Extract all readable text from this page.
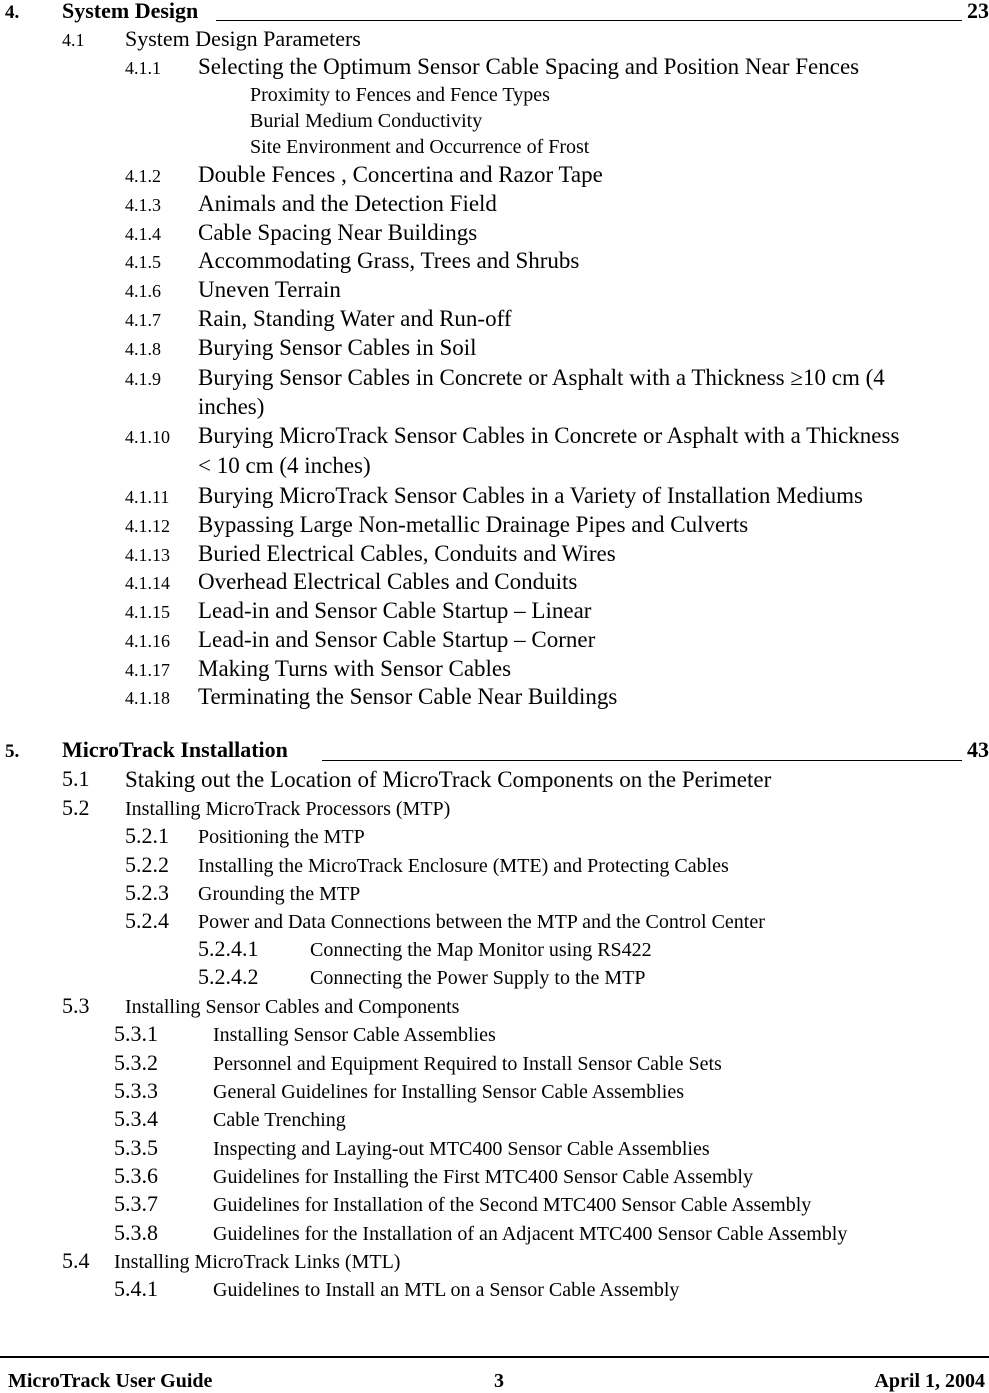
4. System Design	23
4.1 System Design Parameters
4.1.1 Selecting the Optimum Sensor Cable Spacing and Position Near Fences
Proximity to Fences and Fence Types
Burial Medium Conductivity
Site Environment and Occurrence of Frost
4.1.2 Double Fences , Concertina and Razor Tape
4.1.3 Animals and the Detection Field
4.1.4 Cable Spacing Near Buildings
4.1.5 Accommodating Grass, Trees and Shrubs
4.1.6 Uneven Terrain
4.1.7 Rain, Standing Water and Run-off
4.1.8 Burying Sensor Cables in Soil
4.1.9 Burying Sensor Cables in Concrete or Asphalt with a Thickness ≥10 cm (4
inches)
4.1.10 Burying MicroTrack Sensor Cables in Concrete or Asphalt with a Thickness
< 10 cm (4 inches)
4.1.11 Burying MicroTrack Sensor Cables in a Variety of Installation Mediums
4.1.12 Bypassing Large Non-metallic Drainage Pipes and Culverts
4.1.13 Buried Electrical Cables, Conduits and Wires
4.1.14 Overhead Electrical Cables and Conduits
4.1.15 Lead-in and Sensor Cable Startup – Linear
4.1.16 Lead-in and Sensor Cable Startup – Corner
4.1.17 Making Turns with Sensor Cables
4.1.18 Terminating the Sensor Cable Near Buildings
5. MicroTrack Installation	43
5.1 Staking out the Location of MicroTrack Components on the Perimeter
5.2 Installing MicroTrack Processors (MTP)
5.2.1 Positioning the MTP
5.2.2 Installing the MicroTrack Enclosure (MTE) and Protecting Cables
5.2.3 Grounding the MTP
5.2.4 Power and Data Connections between the MTP and the Control Center
5.2.4.1	Connecting the Map Monitor using RS422
5.2.4.2	Connecting the Power Supply to the MTP
5.3 Installing Sensor Cables and Components
5.3.1	Installing Sensor Cable Assemblies
5.3.2	Personnel and Equipment Required to Install Sensor Cable Sets
5.3.3	General Guidelines for Installing Sensor Cable Assemblies
5.3.4	Cable Trenching
5.3.5	Inspecting and Laying-out MTC400 Sensor Cable Assemblies
5.3.6	Guidelines for Installing the First MTC400 Sensor Cable Assembly
5.3.7	Guidelines for Installation of the Second MTC400 Sensor Cable Assembly
5.3.8	Guidelines for the Installation of an Adjacent MTC400 Sensor Cable Assembly
5.4 Installing MicroTrack Links (MTL)
5.4.1	Guidelines to Install an MTL on a Sensor Cable Assembly
MicroTrack User Guide	3	April 1, 2004
